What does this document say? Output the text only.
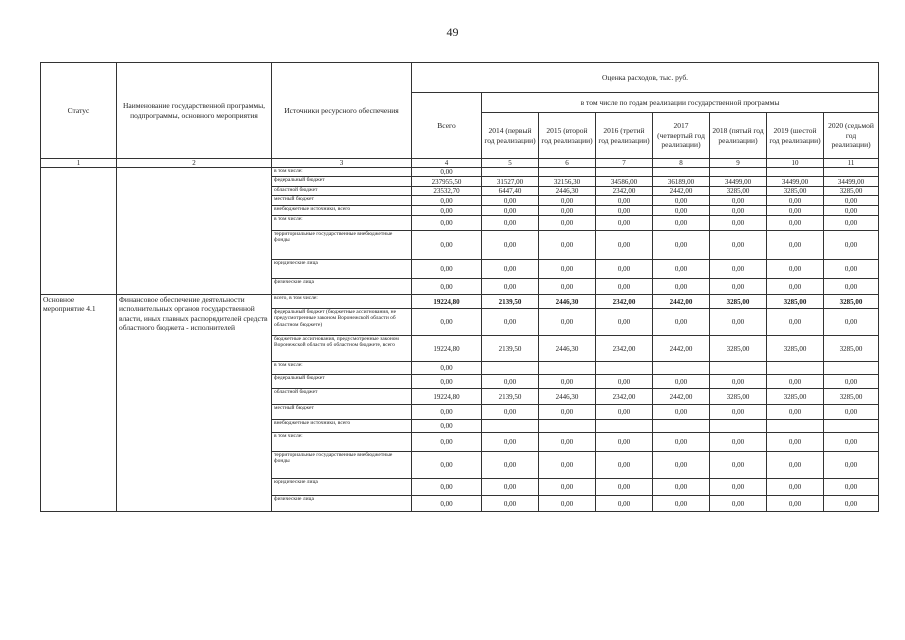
49
Статус	Наименование государственной программы, подпрограммы, основного мероприятия	Источники ресурсного обеспечения	Оценка расходов, тыс. руб.							
			Всего	в том числе по годам реализации государственной программы						
				2014 (первый год реализации)	2015 (второй год реализации)	2016 (третий год реализации)	2017 (четвертый год реализации)	2018 (пятый год реализации)	2019 (шестой год реализации)	2020 (седьмой год реализации)
1	2	3	4	5	6	7	8	9	10	11
		в том числе:	0,00							
		федеральный бюджет	237955,50	31527,00	32156,30	34586,00	36189,00	34499,00	34499,00	34499,00
		областной бюджет	23532,70	6447,40	2446,30	2342,00	2442,00	3285,00	3285,00	3285,00
		местный бюджет	0,00	0,00	0,00	0,00	0,00	0,00	0,00	0,00
		внебюджетные источники, всего	0,00	0,00	0,00	0,00	0,00	0,00	0,00	0,00
		в том числе:	0,00	0,00	0,00	0,00	0,00	0,00	0,00	0,00
		территориальные государственные внебюджетные фонды	0,00	0,00	0,00	0,00	0,00	0,00	0,00	0,00
		юридические лица	0,00	0,00	0,00	0,00	0,00	0,00	0,00	0,00
		физические лица	0,00	0,00	0,00	0,00	0,00	0,00	0,00	0,00
Основное мероприятие 4.1	Финансовое обеспечение деятельности исполнительных органов государственной власти, иных главных распорядителей средств областного бюджета - исполнителей	всего, в том числе:	19224,80	2139,50	2446,30	2342,00	2442,00	3285,00	3285,00	3285,00
		федеральный бюджет (бюджетные ассигнования, не предусмотренные законом Воронежской области об областном бюджете)	0,00	0,00	0,00	0,00	0,00	0,00	0,00	0,00
		бюджетные ассигнования, предусмотренные законом Воронежской области об областном бюджете, всего	19224,80	2139,50	2446,30	2342,00	2442,00	3285,00	3285,00	3285,00
		в том числе:	0,00							
		федеральный бюджет	0,00	0,00	0,00	0,00	0,00	0,00	0,00	0,00
		областной бюджет	19224,80	2139,50	2446,30	2342,00	2442,00	3285,00	3285,00	3285,00
		местный бюджет	0,00	0,00	0,00	0,00	0,00	0,00	0,00	0,00
		внебюджетные источники, всего	0,00							
		в том числе:	0,00	0,00	0,00	0,00	0,00	0,00	0,00	0,00
		территориальные государственные внебюджетные фонды	0,00	0,00	0,00	0,00	0,00	0,00	0,00	0,00
		юридические лица	0,00	0,00	0,00	0,00	0,00	0,00	0,00	0,00
		физические лица	0,00	0,00	0,00	0,00	0,00	0,00	0,00	0,00
